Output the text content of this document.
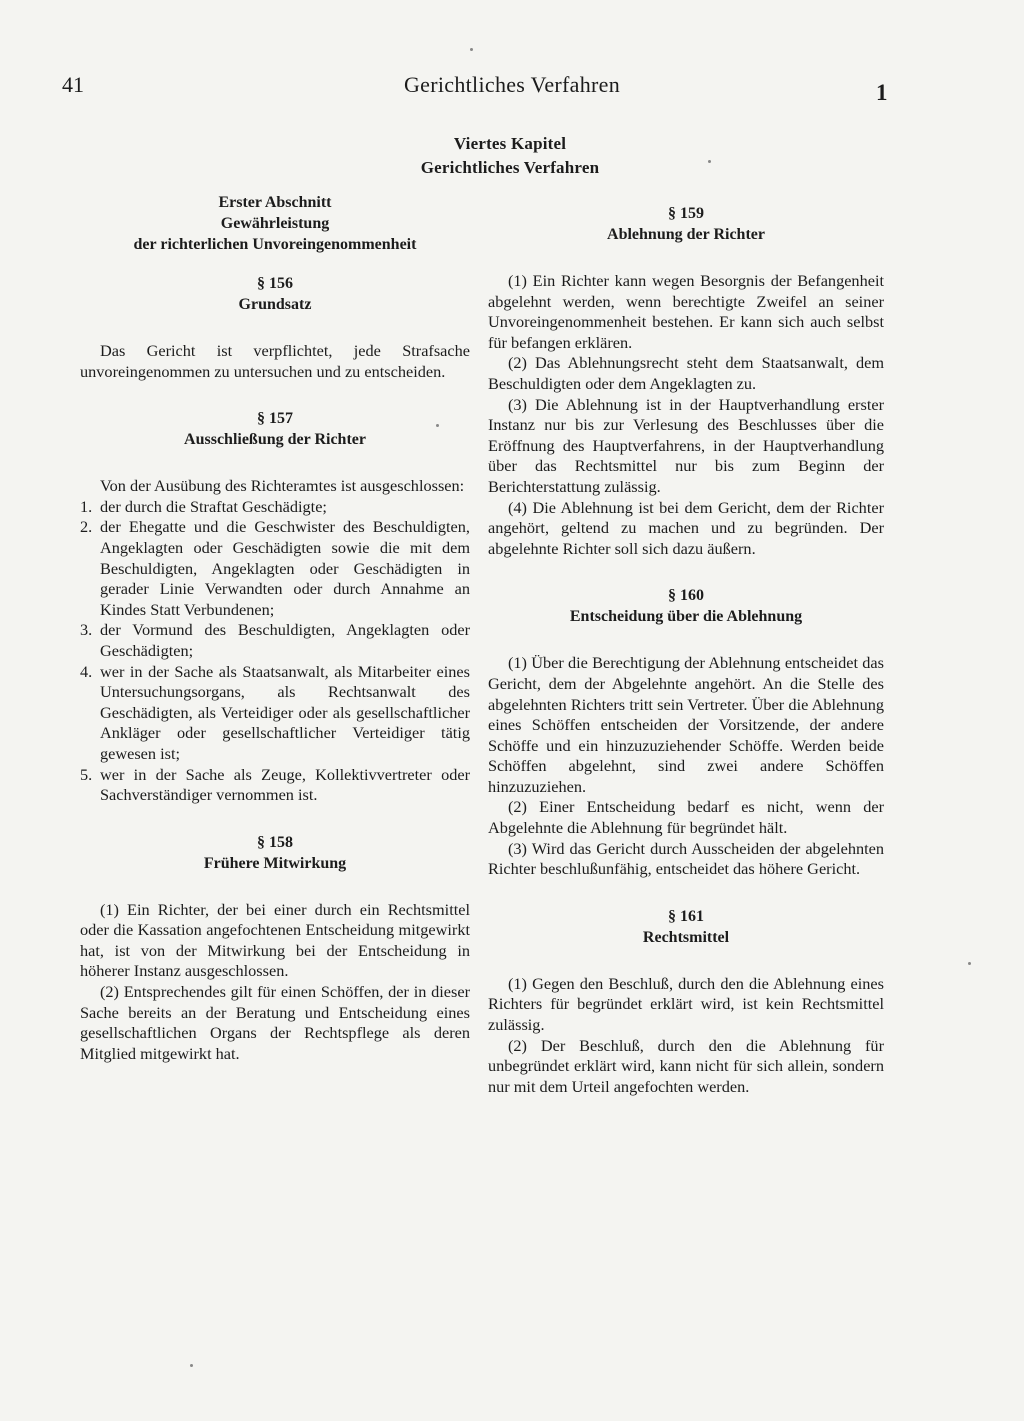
41	Gerichtliches Verfahren	1
Viertes Kapitel
Gerichtliches Verfahren
Erster Abschnitt
Gewährleistung
der richterlichen Unvoreingenommenheit
§ 156
Grundsatz

Das Gericht ist verpflichtet, jede Strafsache unvoreingenommen zu untersuchen und zu entscheiden.

§ 157
Ausschließung der Richter

Von der Ausübung des Richteramtes ist ausgeschlossen:

1. der durch die Straftat Geschädigte;
2. der Ehegatte und die Geschwister des Beschuldigten, Angeklagten oder Geschädigten sowie die mit dem Beschuldigten, Angeklagten oder Geschädigten in gerader Linie Verwandten oder durch Annahme an Kindes Statt Verbundenen;
3. der Vormund des Beschuldigten, Angeklagten oder Geschädigten;
4. wer in der Sache als Staatsanwalt, als Mitarbeiter eines Untersuchungsorgans, als Rechtsanwalt des Geschädigten, als Verteidiger oder als gesellschaftlicher Ankläger oder gesellschaftlicher Verteidiger tätig gewesen ist;
5. wer in der Sache als Zeuge, Kollektivvertreter oder Sachverständiger vernommen ist.
§ 158
Frühere Mitwirkung

(1) Ein Richter, der bei einer durch ein Rechtsmittel oder die Kassation angefochtenen Entscheidung mitgewirkt hat, ist von der Mitwirkung bei der Entscheidung in höherer Instanz ausgeschlossen.

(2) Entsprechendes gilt für einen Schöffen, der in dieser Sache bereits an der Beratung und Entscheidung eines gesellschaftlichen Organs der Rechtspflege als deren Mitglied mitgewirkt hat.

§ 159
Ablehnung der Richter

(1) Ein Richter kann wegen Besorgnis der Befangenheit abgelehnt werden, wenn berechtigte Zweifel an seiner Unvoreingenommenheit bestehen. Er kann sich auch selbst für befangen erklären.

(2) Das Ablehnungsrecht steht dem Staatsanwalt, dem Beschuldigten oder dem Angeklagten zu.

(3) Die Ablehnung ist in der Hauptverhandlung erster Instanz nur bis zur Verlesung des Beschlusses über die Eröffnung des Hauptverfahrens, in der Hauptverhandlung über das Rechtsmittel nur bis zum Beginn der Berichterstattung zulässig.

(4) Die Ablehnung ist bei dem Gericht, dem der Richter angehört, geltend zu machen und zu begründen. Der abgelehnte Richter soll sich dazu äußern.

§ 160
Entscheidung über die Ablehnung

(1) Über die Berechtigung der Ablehnung entscheidet das Gericht, dem der Abgelehnte angehört. An die Stelle des abgelehnten Richters tritt sein Vertreter. Über die Ablehnung eines Schöffen entscheiden der Vorsitzende, der andere Schöffe und ein hinzuzuziehender Schöffe. Werden beide Schöffen abgelehnt, sind zwei andere Schöffen hinzuzuziehen.

(2) Einer Entscheidung bedarf es nicht, wenn der Abgelehnte die Ablehnung für begründet hält.

(3) Wird das Gericht durch Ausscheiden der abgelehnten Richter beschlußunfähig, entscheidet das höhere Gericht.

§ 161
Rechtsmittel

(1) Gegen den Beschluß, durch den die Ablehnung eines Richters für begründet erklärt wird, ist kein Rechtsmittel zulässig.

(2) Der Beschluß, durch den die Ablehnung für unbegründet erklärt wird, kann nicht für sich allein, sondern nur mit dem Urteil angefochten werden.
